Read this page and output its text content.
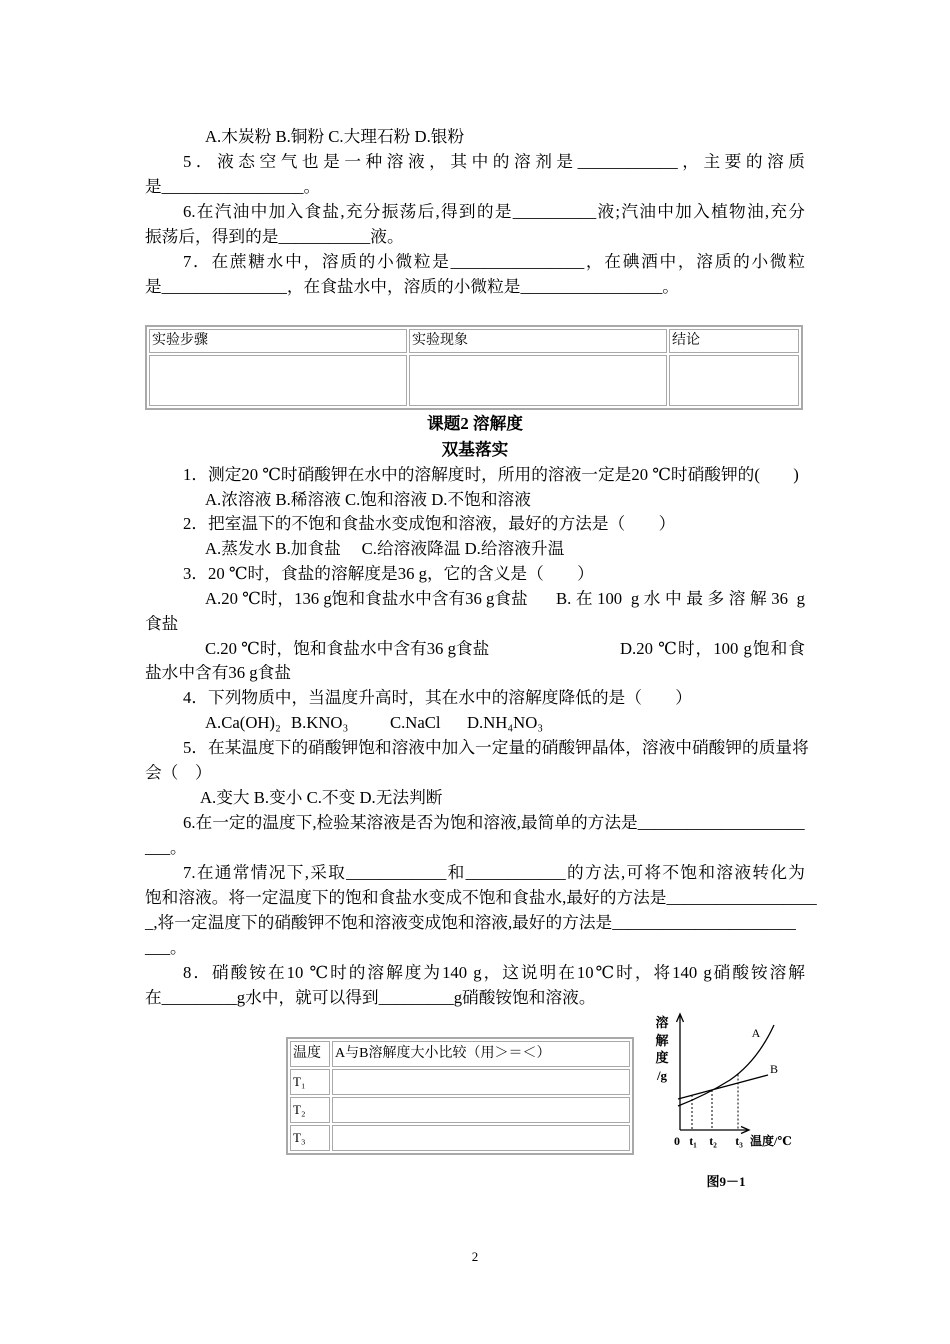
A.木炭粉 B.铜粉 C.大理石粉 D.银粉
5．液态空气也是一种溶液，其中的溶剂是____________，主要的溶质
是_________________。
6.在汽油中加入食盐,充分振荡后,得到的是__________液;汽油中加入植物油,充分
振荡后，得到的是___________液。
7．在蔗糖水中，溶质的小微粒是________________，在碘酒中，溶质的小微粒
是_______________，在食盐水中，溶质的小微粒是_________________。
实验步骤	实验现象	结论

课题2 溶解度
双基落实
1．测定20 ℃时硝酸钾在水中的溶解度时，所用的溶液一定是20 ℃时硝酸钾的(　　)
A.浓溶液 B.稀溶液 C.饱和溶液 D.不饱和溶液
2．把室温下的不饱和食盐水变成饱和溶液，最好的方法是（　　）
A.蒸发水 B.加食盐　 C.给溶液降温 D.给溶液升温
3．20 ℃时，食盐的溶解度是36 g，它的含义是（　　）
A.20 ℃时，136 g饱和食盐水中含有36 g食盐 B.在100 g水中最多溶解36 g
食盐
C.20 ℃时，饱和食盐水中含有36 g食盐	D.20 ℃时，100 g饱和食
盐水中含有36 g食盐
4．下列物质中，当温度升高时，其在水中的溶解度降低的是（　　）
A.Ca(OH)₂ B.KNO₃ C.NaCl D.NH₄NO₃
5．在某温度下的硝酸钾饱和溶液中加入一定量的硝酸钾晶体，溶液中硝酸钾的质量将
会（　）
A.变大 B.变小 C.不变 D.无法判断
6.在一定的温度下,检验某溶液是否为饱和溶液,最简单的方法是____________________
___。
7.在通常情况下,采取____________和____________的方法,可将不饱和溶液转化为
饱和溶液。将一定温度下的饱和食盐水变成不饱和食盐水,最好的方法是__________________
_,将一定温度下的硝酸钾不饱和溶液变成饱和溶液,最好的方法是______________________
___。
8．硝酸铵在10 ℃时的溶解度为140 g，这说明在10℃时，将140 g硝酸铵溶解
在_________g水中，就可以得到_________g硝酸铵饱和溶液。
温度	A与B溶解度大小比较（用＞＝＜）
T₁	
T₂	
T₃	
溶
解
度
/g
A
B
0 t₁ t₂ t₃ 温度/℃
图9－1
2
